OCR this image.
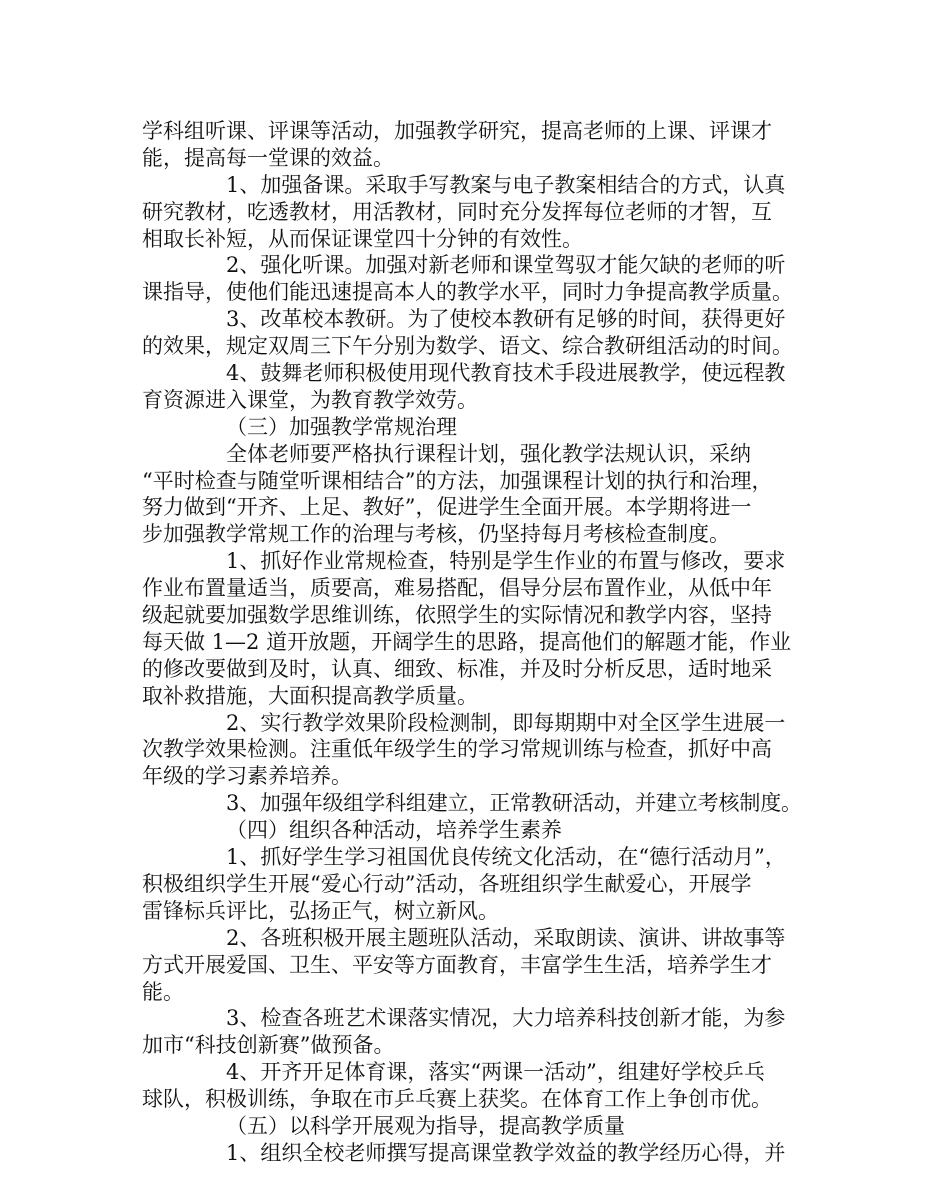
学科组听课、评课等活动，加强教学研究，提高老师的上课、评课才
能，提高每一堂课的效益。
1、加强备课。采取手写教案与电子教案相结合的方式，认真
研究教材，吃透教材，用活教材，同时充分发挥每位老师的才智，互
相取长补短，从而保证课堂四十分钟的有效性。
2、强化听课。加强对新老师和课堂驾驭才能欠缺的老师的听
课指导，使他们能迅速提高本人的教学水平，同时力争提高教学质量。
3、改革校本教研。为了使校本教研有足够的时间，获得更好
的效果，规定双周三下午分别为数学、语文、综合教研组活动的时间。
4、鼓舞老师积极使用现代教育技术手段进展教学，使远程教
育资源进入课堂，为教育教学效劳。
（三）加强教学常规治理
全体老师要严格执行课程计划，强化教学法规认识，采纳
“平时检查与随堂听课相结合”的方法，加强课程计划的执行和治理，
努力做到“开齐、上足、教好”，促进学生全面开展。本学期将进一
步加强教学常规工作的治理与考核，仍坚持每月考核检查制度。
1、抓好作业常规检查，特别是学生作业的布置与修改，要求
作业布置量适当，质要高，难易搭配，倡导分层布置作业，从低中年
级起就要加强数学思维训练，依照学生的实际情况和教学内容，坚持
每天做 1—2 道开放题，开阔学生的思路，提高他们的解题才能，作业
的修改要做到及时，认真、细致、标准，并及时分析反思，适时地采
取补救措施，大面积提高教学质量。
2、实行教学效果阶段检测制，即每期期中对全区学生进展一
次教学效果检测。注重低年级学生的学习常规训练与检查，抓好中高
年级的学习素养培养。
3、加强年级组学科组建立，正常教研活动，并建立考核制度。
（四）组织各种活动，培养学生素养
1、抓好学生学习祖国优良传统文化活动，在“德行活动月”，
积极组织学生开展“爱心行动”活动，各班组织学生献爱心，开展学
雷锋标兵评比，弘扬正气，树立新风。
2、各班积极开展主题班队活动，采取朗读、演讲、讲故事等
方式开展爱国、卫生、平安等方面教育，丰富学生生活，培养学生才
能。
3、检查各班艺术课落实情况，大力培养科技创新才能，为参
加市“科技创新赛”做预备。
4、开齐开足体育课，落实“两课一活动”，组建好学校乒乓
球队，积极训练，争取在市乒乓赛上获奖。在体育工作上争创市优。
（五）以科学开展观为指导，提高教学质量
1、组织全校老师撰写提高课堂教学效益的教学经历心得，并
